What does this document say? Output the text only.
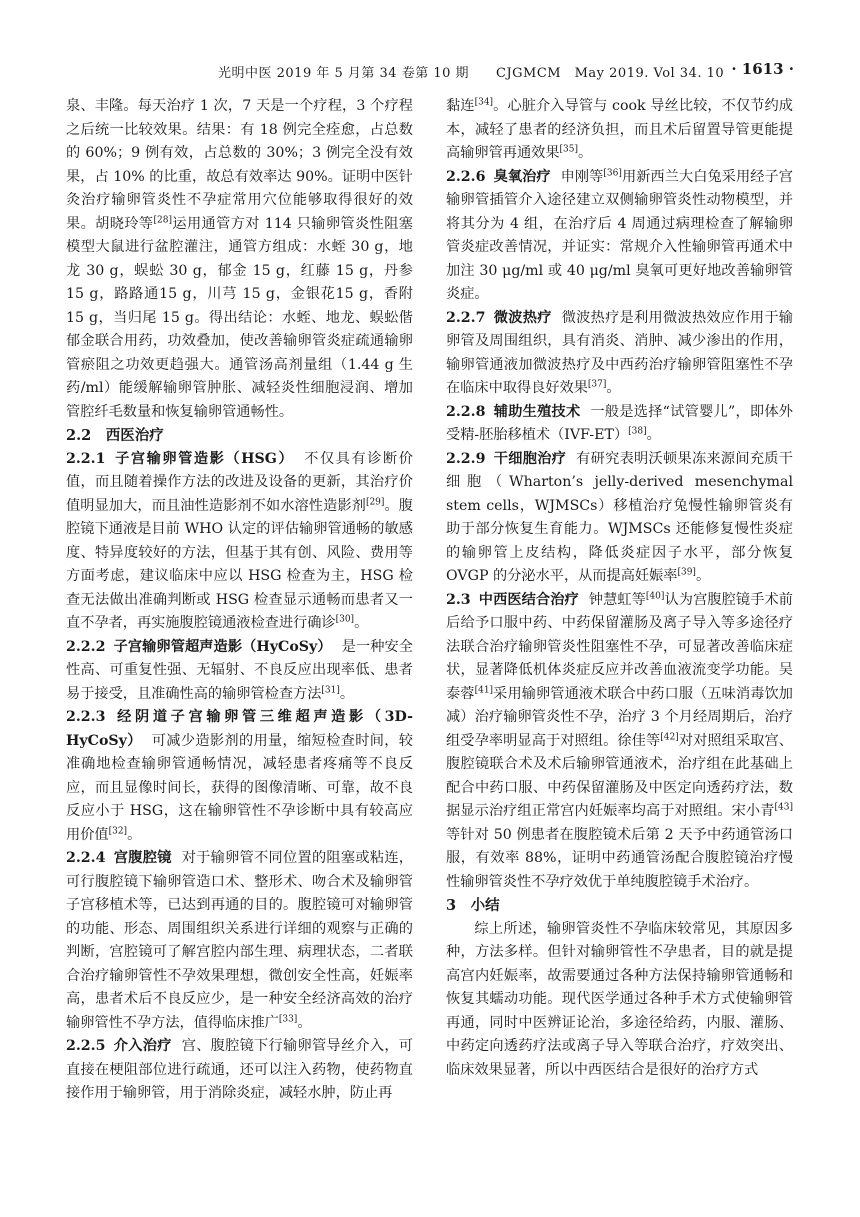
光明中医 2019 年 5 月第 34 卷第 10 期　　CJGMCM　May 2019. Vol 34. 10 · 1613 ·

泉、丰隆。每天治疗 1 次，7 天是一个疗程，3 个疗程之后统一比较效果。结果：有 18 例完全痊愈，占总数的 60%；9 例有效，占总数的 30%；3 例完全没有效果，占 10% 的比重，故总有效率达 90%。证明中医针灸治疗输卵管炎性不孕症常用穴位能够取得很好的效果。胡晓玲等[28]运用通管方对 114 只输卵管炎性阻塞模型大鼠进行盆腔灌注，通管方组成：水蛭 30 g，地龙 30 g，蜈蚣 30 g，郁金 15 g，红藤 15 g，丹参 15 g，路路通15 g，川芎 15 g，金银花15 g，香附 15 g，当归尾 15 g。得出结论：水蛭、地龙、蜈蚣偕郁金联合用药，功效叠加，使改善输卵管炎症疏通输卵管瘀阻之功效更趋强大。通管汤高剂量组（1.44 g 生药/ml）能缓解输卵管肿胀、减轻炎性细胞浸润、增加管腔纤毛数量和恢复输卵管通畅性。

2.2　西医治疗

2.2.1 子宫输卵管造影（HSG） 不仅具有诊断价值，而且随着操作方法的改进及设备的更新，其治疗价值明显加大，而且油性造影剂不如水溶性造影剂[29]。腹腔镜下通液是目前 WHO 认定的评估输卵管通畅的敏感度、特异度较好的方法，但基于其有创、风险、费用等方面考虑，建议临床中应以 HSG 检查为主，HSG 检查无法做出准确判断或 HSG 检查显示通畅而患者又一直不孕者，再实施腹腔镜通液检查进行确诊[30]。

2.2.2 子宫输卵管超声造影（HyCoSy） 是一种安全性高、可重复性强、无辐射、不良反应出现率低、患者易于接受，且准确性高的输卵管检查方法[31]。

2.2.3 经阴道子宫输卵管三维超声造影（3D-HyCoSy） 可减少造影剂的用量，缩短检查时间，较准确地检查输卵管通畅情况，减轻患者疼痛等不良反应，而且显像时间长，获得的图像清晰、可靠，故不良反应小于 HSG，这在输卵管性不孕诊断中具有较高应用价值[32]。

2.2.4 宫腹腔镜 对于输卵管不同位置的阻塞或粘连，可行腹腔镜下输卵管造口术、整形术、吻合术及输卵管子宫移植术等，已达到再通的目的。腹腔镜可对输卵管的功能、形态、周围组织关系进行详细的观察与正确的判断，宫腔镜可了解宫腔内部生理、病理状态，二者联合治疗输卵管性不孕效果理想，微创安全性高，妊娠率高，患者术后不良反应少，是一种安全经济高效的治疗输卵管性不孕方法，值得临床推广[33]。

2.2.5 介入治疗 宫、腹腔镜下行输卵管导丝介入，可直接在梗阻部位进行疏通，还可以注入药物，使药物直接作用于输卵管，用于消除炎症，减轻水肿，防止再

黏连[34]。心脏介入导管与 cook 导丝比较，不仅节约成本，减轻了患者的经济负担，而且术后留置导管更能提高输卵管再通效果[35]。

2.2.6 臭氧治疗 申刚等[36]用新西兰大白兔采用经子宫输卵管插管介入途径建立双侧输卵管炎性动物模型，并将其分为 4 组，在治疗后 4 周通过病理检查了解输卵管炎症改善情况，并证实：常规介入性输卵管再通术中加注 30 μg/ml 或 40 μg/ml 臭氧可更好地改善输卵管炎症。

2.2.7 微波热疗 微波热疗是利用微波热效应作用于输卵管及周围组织，具有消炎、消肿、减少渗出的作用，输卵管通液加微波热疗及中西药治疗输卵管阻塞性不孕在临床中取得良好效果[37]。

2.2.8 辅助生殖技术 一般是选择“试管婴儿”，即体外受精-胚胎移植术（IVF-ET）[38]。

2.2.9 干细胞治疗 有研究表明沃顿果冻来源间充质干细胞（Wharton’s jelly-derived mesenchymal stem cells，WJMSCs）移植治疗兔慢性输卵管炎有助于部分恢复生育能力。WJMSCs 还能修复慢性炎症的输卵管上皮结构，降低炎症因子水平，部分恢复 OVGP 的分泌水平，从而提高妊娠率[39]。

2.3 中西医结合治疗 钟慧虹等[40]认为宫腹腔镜手术前后给予口服中药、中药保留灌肠及离子导入等多途径疗法联合治疗输卵管炎性阻塞性不孕，可显著改善临床症状，显著降低机体炎症反应并改善血液流变学功能。吴泰蓉[41]采用输卵管通液术联合中药口服（五味消毒饮加减）治疗输卵管炎性不孕，治疗 3 个月经周期后，治疗组受孕率明显高于对照组。徐佳等[42]对对照组采取宫、腹腔镜联合术及术后输卵管通液术，治疗组在此基础上配合中药口服、中药保留灌肠及中医定向透药疗法，数据显示治疗组正常宫内妊娠率均高于对照组。宋小青[43]等针对 50 例患者在腹腔镜术后第 2 天予中药通管汤口服，有效率 88%，证明中药通管汤配合腹腔镜治疗慢性输卵管炎性不孕疗效优于单纯腹腔镜手术治疗。

3　小结

综上所述，输卵管炎性不孕临床较常见，其原因多种，方法多样。但针对输卵管性不孕患者，目的就是提高宫内妊娠率，故需要通过各种方法保持输卵管通畅和恢复其蠕动功能。现代医学通过各种手术方式使输卵管再通，同时中医辨证论治，多途径给药，内服、灌肠、中药定向透药疗法或离子导入等联合治疗，疗效突出、临床效果显著，所以中西医结合是很好的治疗方式
